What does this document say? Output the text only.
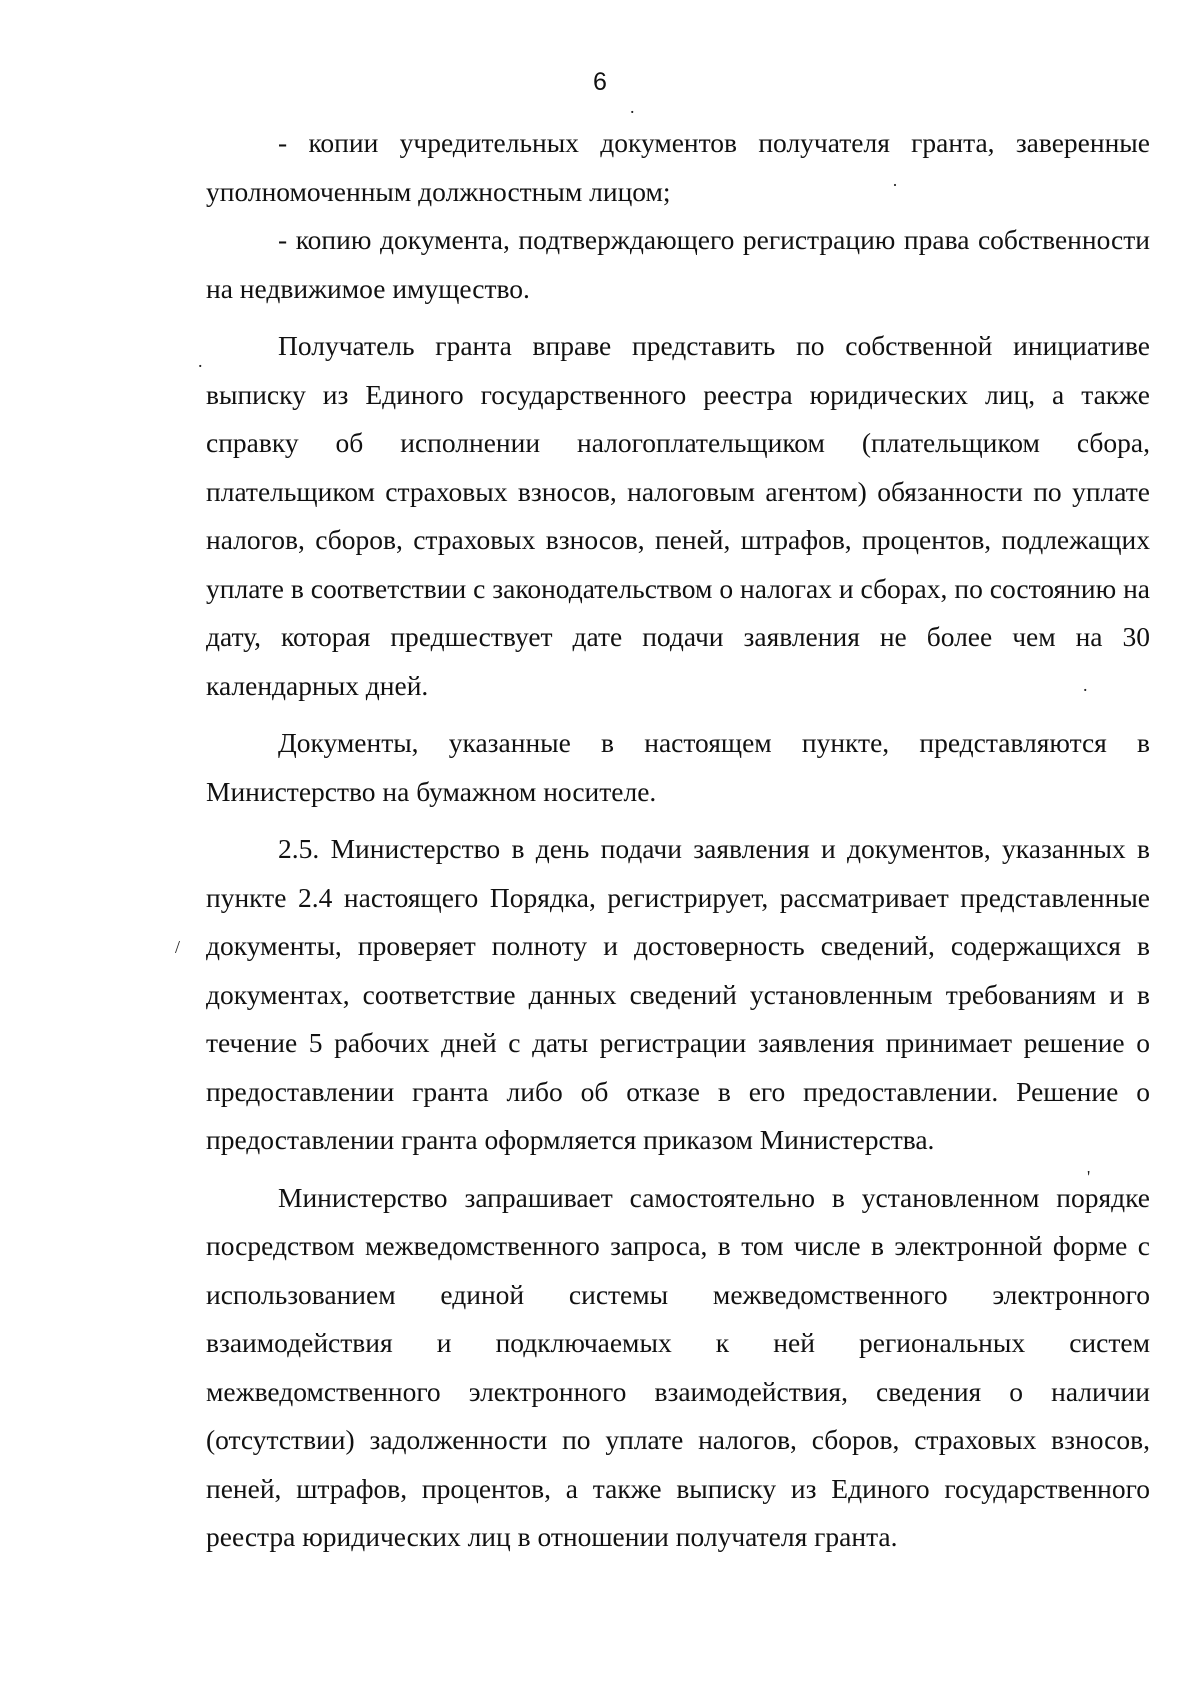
6

- копии учредительных документов получателя гранта, заверенные уполномоченным должностным лицом;

- копию документа, подтверждающего регистрацию права собственности на недвижимое имущество.

Получатель гранта вправе представить по собственной инициативе выписку из Единого государственного реестра юридических лиц, а также справку об исполнении налогоплательщиком (плательщиком сбора, плательщиком страховых взносов, налоговым агентом) обязанности по уплате налогов, сборов, страховых взносов, пеней, штрафов, процентов, подлежащих уплате в соответствии с законодательством о налогах и сборах, по состоянию на дату, которая предшествует дате подачи заявления не более чем на 30 календарных дней.

Документы, указанные в настоящем пункте, представляются в Министерство на бумажном носителе.

2.5. Министерство в день подачи заявления и документов, указанных в пункте 2.4 настоящего Порядка, регистрирует, рассматривает представленные документы, проверяет полноту и достоверность сведений, содержащихся в документах, соответствие данных сведений установленным требованиям и в течение 5 рабочих дней с даты регистрации заявления принимает решение о предоставлении гранта либо об отказе в его предоставлении. Решение о предоставлении гранта оформляется приказом Министерства.

Министерство запрашивает самостоятельно в установленном порядке посредством межведомственного запроса, в том числе в электронной форме с использованием единой системы межведомственного электронного взаимодействия и подключаемых к ней региональных систем межведомственного электронного взаимодействия, сведения о наличии (отсутствии) задолженности по уплате налогов, сборов, страховых взносов, пеней, штрафов, процентов, а также выписку из Единого государственного реестра юридических лиц в отношении получателя гранта.

.
·
.
.
/
'
